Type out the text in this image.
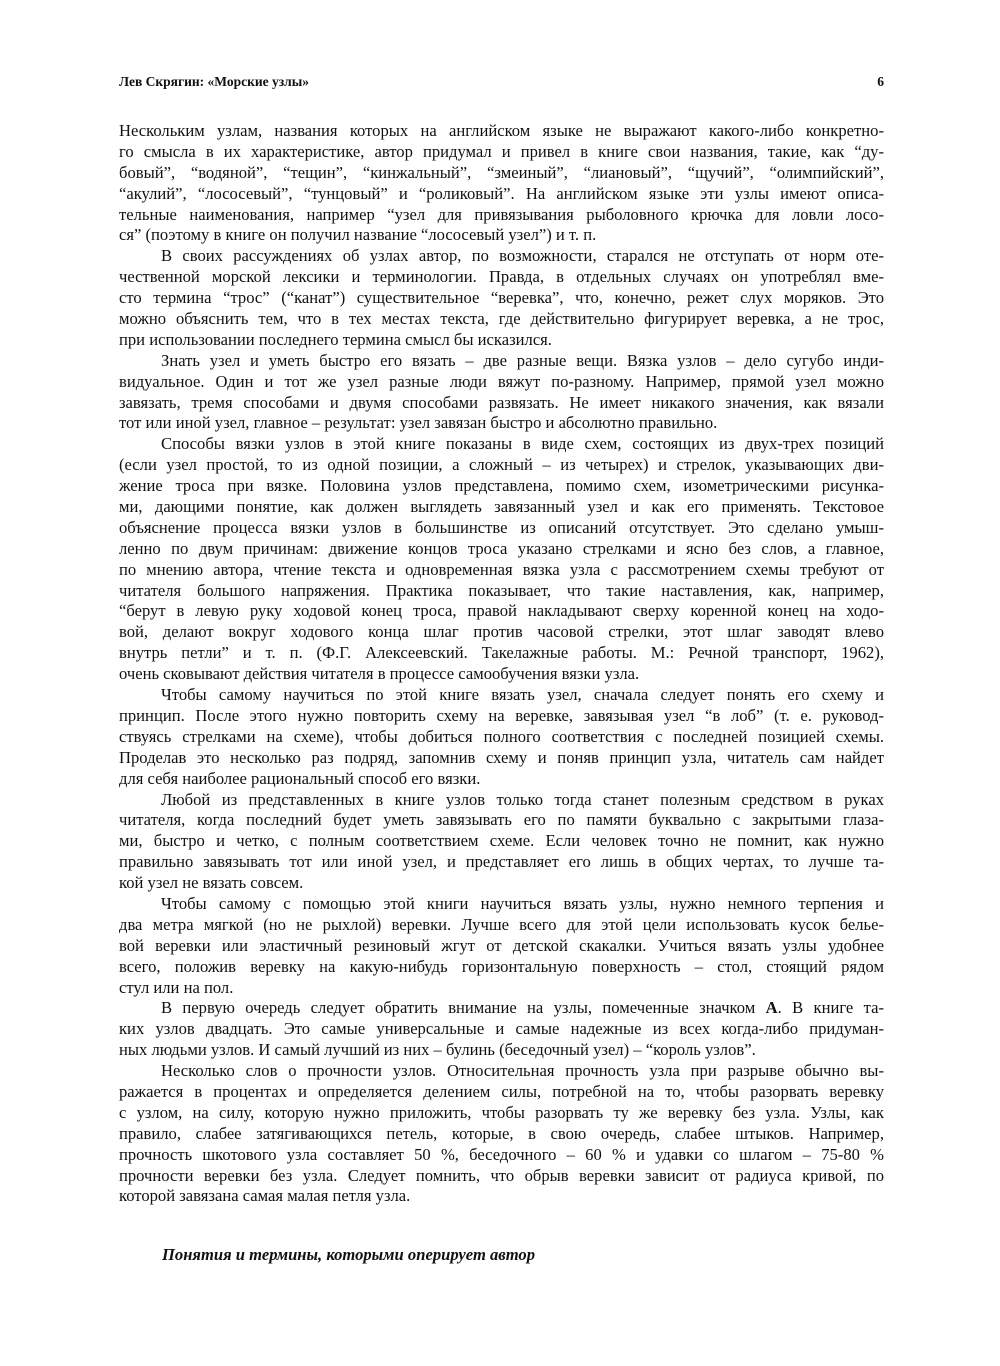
Лев Скрягин: «Морские узлы»	6
Нескольким узлам, названия которых на английском языке не выражают какого-либо конкретно-
го смысла в их характеристике, автор придумал и привел в книге свои названия, такие, как “ду-
бовый”, “водяной”, “тещин”, “кинжальный”, “змеиный”, “лиановый”, “щучий”, “олимпийский”,
“акулий”, “лососевый”, “тунцовый” и “роликовый”. На английском языке эти узлы имеют описа-
тельные наименования, например “узел для привязывания рыболовного крючка для ловли лосо-
ся” (поэтому в книге он получил название “лососевый узел”) и т. п.
В своих рассуждениях об узлах автор, по возможности, старался не отступать от норм оте-
чественной морской лексики и терминологии. Правда, в отдельных случаях он употреблял вме-
сто термина “трос” (“канат”) существительное “веревка”, что, конечно, режет слух моряков. Это
можно объяснить тем, что в тех местах текста, где действительно фигурирует веревка, а не трос,
при использовании последнего термина смысл бы исказился.
Знать узел и уметь быстро его вязать – две разные вещи. Вязка узлов – дело сугубо инди-
видуальное. Один и тот же узел разные люди вяжут по-разному. Например, прямой узел можно
завязать, тремя способами и двумя способами развязать. Не имеет никакого значения, как вязали
тот или иной узел, главное – результат: узел завязан быстро и абсолютно правильно.
Способы вязки узлов в этой книге показаны в виде схем, состоящих из двух-трех позиций
(если узел простой, то из одной позиции, а сложный – из четырех) и стрелок, указывающих дви-
жение троса при вязке. Половина узлов представлена, помимо схем, изометрическими рисунка-
ми, дающими понятие, как должен выглядеть завязанный узел и как его применять. Текстовое
объяснение процесса вязки узлов в большинстве из описаний отсутствует. Это сделано умыш-
ленно по двум причинам: движение концов троса указано стрелками и ясно без слов, а главное,
по мнению автора, чтение текста и одновременная вязка узла с рассмотрением схемы требуют от
читателя большого напряжения. Практика показывает, что такие наставления, как, например,
“берут в левую руку ходовой конец троса, правой накладывают сверху коренной конец на ходо-
вой, делают вокруг ходового конца шлаг против часовой стрелки, этот шлаг заводят влево
внутрь петли” и т. п. (Ф.Г. Алексеевский. Такелажные работы. М.: Речной транспорт, 1962),
очень сковывают действия читателя в процессе самообучения вязки узла.
Чтобы самому научиться по этой книге вязать узел, сначала следует понять его схему и
принцип. После этого нужно повторить схему на веревке, завязывая узел “в лоб” (т. е. руковод-
ствуясь стрелками на схеме), чтобы добиться полного соответствия с последней позицией схемы.
Проделав это несколько раз подряд, запомнив схему и поняв принцип узла, читатель сам найдет
для себя наиболее рациональный способ его вязки.
Любой из представленных в книге узлов только тогда станет полезным средством в руках
читателя, когда последний будет уметь завязывать его по памяти буквально с закрытыми глаза-
ми, быстро и четко, с полным соответствием схеме. Если человек точно не помнит, как нужно
правильно завязывать тот или иной узел, и представляет его лишь в общих чертах, то лучше та-
кой узел не вязать совсем.
Чтобы самому с помощью этой книги научиться вязать узлы, нужно немного терпения и
два метра мягкой (но не рыхлой) веревки. Лучше всего для этой цели использовать кусок белье-
вой веревки или эластичный резиновый жгут от детской скакалки. Учиться вязать узлы удобнее
всего, положив веревку на какую-нибудь горизонтальную поверхность – стол, стоящий рядом
стул или на пол.
В первую очередь следует обратить внимание на узлы, помеченные значком А. В книге та-
ких узлов двадцать. Это самые универсальные и самые надежные из всех когда-либо придуман-
ных людьми узлов. И самый лучший из них – булинь (беседочный узел) – “король узлов”.
Несколько слов о прочности узлов. Относительная прочность узла при разрыве обычно вы-
ражается в процентах и определяется делением силы, потребной на то, чтобы разорвать веревку
с узлом, на силу, которую нужно приложить, чтобы разорвать ту же веревку без узла. Узлы, как
правило, слабее затягивающихся петель, которые, в свою очередь, слабее штыков. Например,
прочность шкотового узла составляет 50 %, беседочного – 60 % и удавки со шлагом – 75-80 %
прочности веревки без узла. Следует помнить, что обрыв веревки зависит от радиуса кривой, по
которой завязана самая малая петля узла.
Понятия и термины, которыми оперирует автор
